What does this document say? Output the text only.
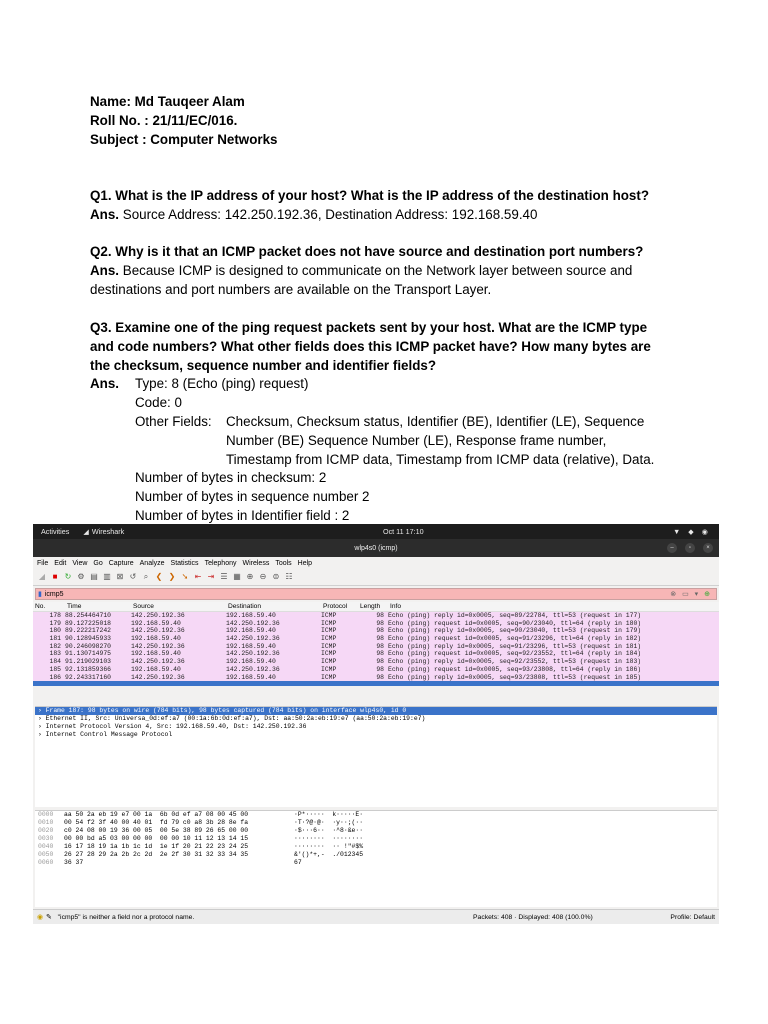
Name: Md Tauqeer Alam
Roll No. : 21/11/EC/016.
Subject : Computer Networks
Q1. What is the IP address of your host? What is the IP address of the destination host?
Ans. Source Address: 142.250.192.36, Destination Address: 192.168.59.40
Q2. Why is it that an ICMP packet does not have source and destination port numbers?
Ans. Because ICMP is designed to communicate on the Network layer between source and
destinations and port numbers are available on the Transport Layer.
Q3. Examine one of the ping request packets sent by your host. What are the ICMP type
and code numbers? What other fields does this ICMP packet have? How many bytes are
the checksum, sequence number and identifier fields?
Ans. Type: 8 (Echo (ping) request)
Code: 0
Other Fields: Checksum, Checksum status, Identifier (BE), Identifier (LE), Sequence
Number (BE) Sequence Number (LE), Response frame number,
Timestamp from ICMP data, Timestamp from ICMP data (relative), Data.
Number of bytes in checksum: 2
Number of bytes in sequence number 2
Number of bytes in Identifier field : 2
Activities	◢ Wireshark	Oct 11 17:10	▼ ◆ ◉
wlp4s0 (icmp)	–	▫	×
File Edit View Go Capture Analyze Statistics Telephony Wireless Tools Help
◢ ■ ↻ ⚙ ▤ ▥ ⊠ ↺ ⌕ ❮ ❯ ➘ ⇤ ⇥ ☰ ▦ ⊕ ⊖ ⊜ ☷
▮ icmp5	⊗ ▭ ▾ ⊕
No.	Time	Source	Destination	Protocol	Length	Info
178 88.254464710	142.250.192.36	192.168.59.40	ICMP	98 Echo (ping) reply id=0x0005, seq=89/22784, ttl=53 (request in 177)
179 89.127225018	192.168.59.40	142.250.192.36	ICMP	98 Echo (ping) request id=0x0005, seq=90/23040, ttl=64 (reply in 180)
180 89.222217242	142.250.192.36	192.168.59.40	ICMP	98 Echo (ping) reply id=0x0005, seq=90/23040, ttl=53 (request in 179)
181 90.128945933	192.168.59.40	142.250.192.36	ICMP	98 Echo (ping) request id=0x0005, seq=91/23296, ttl=64 (reply in 182)
182 90.246098270	142.250.192.36	192.168.59.40	ICMP	98 Echo (ping) reply id=0x0005, seq=91/23296, ttl=53 (request in 181)
183 91.130714975	192.168.59.40	142.250.192.36	ICMP	98 Echo (ping) request id=0x0005, seq=92/23552, ttl=64 (reply in 184)
184 91.219029103	142.250.192.36	192.168.59.40	ICMP	98 Echo (ping) reply id=0x0005, seq=92/23552, ttl=53 (request in 183)
185 92.131859366	192.168.59.40	142.250.192.36	ICMP	98 Echo (ping) request id=0x0005, seq=93/23808, ttl=64 (reply in 186)
186 92.243317160	142.250.192.36	192.168.59.40	ICMP	98 Echo (ping) reply id=0x0005, seq=93/23808, ttl=53 (request in 185)
› Frame 187: 98 bytes on wire (784 bits), 98 bytes captured (784 bits) on interface wlp4s0, id 0
› Ethernet II, Src: Universa_0d:ef:a7 (00:1a:6b:0d:ef:a7), Dst: aa:50:2a:eb:19:e7 (aa:50:2a:eb:19:e7)
› Internet Protocol Version 4, Src: 192.168.59.40, Dst: 142.250.192.36
› Internet Control Message Protocol
0000	aa 50 2a eb 19 e7 00 1a  6b 0d ef a7 08 00 45 00	·P*·····  k·····E·
0010	00 54 f2 3f 40 00 40 01  fd 79 c0 a8 3b 28 8e fa	·T·?@·@·  ·y··;(··
0020	c0 24 08 00 19 36 00 05  00 5e 38 89 26 65 00 00	·$···6··  ·^8·&e··
0030	00 00 bd a5 03 00 00 00  00 00 10 11 12 13 14 15	········  ········
0040	16 17 18 19 1a 1b 1c 1d  1e 1f 20 21 22 23 24 25	········  ·· !"#$%
0050	26 27 28 29 2a 2b 2c 2d  2e 2f 30 31 32 33 34 35	&'()*+,-  ./012345
0060	36 37	67
◉ ✎ "icmp5" is neither a field nor a protocol name.	Packets: 408 · Displayed: 408 (100.0%)	Profile: Default
